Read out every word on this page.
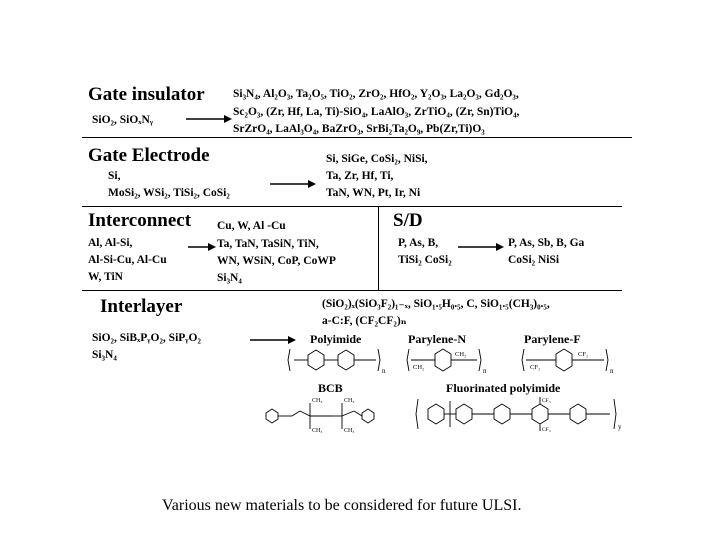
Gate insulator
SiO₂, SiOₓNᵧ
Si₃N₄, Al₂O₃, Ta₂O₅, TiO₂, ZrO₂, HfO₂, Y₂O₃, La₂O₃, Gd₂O₃,
Sc₂O₃, (Zr, Hf, La, Ti)-SiO₄, LaAlO₃, ZrTiO₄, (Zr, Sn)TiO₄,
SrZrO₄, LaAl₃O₄, BaZrO₃, SrBi₂Ta₂O₉, Pb(Zr,Ti)O₃
Gate Electrode
Si,
MoSi₂, WSi₂, TiSi₂, CoSi₂
Si, SiGe, CoSi₂, NiSi,
Ta, Zr, Hf, Ti,
TaN, WN, Pt, Ir, Ni
Interconnect
Al, Al-Si,
Al-Si-Cu, Al-Cu
W, TiN
Cu, W, Al -Cu
Ta, TaN, TaSiN, TiN,
WN, WSiN, CoP, CoWP
Si₃N₄
S/D
P, As, B,
TiSi₂ CoSi₂
P, As, Sb, B, Ga
CoSi₂ NiSi
Interlayer
SiO₂, SiBₓPᵧO₂, SiPᵧO₂
Si₃N₄
(SiO₂)ₓ(SiO₃F₂)₁₋ₓ, SiO₁.₅H₀.₅, C, SiO₁.₅(CH₃)₀.₅,
a-C:F, (CF₂CF₂)ₙ
Polyimide	Parylene-N	Parylene-F
BCB	Fluorinated polyimide
n	CH₂
CH₂
n	CF₂
CF₂
n
CH₃	CH₃
CH₃	CH₃
CF₃
CF₃	y
Various new materials to be considered for future ULSI.
